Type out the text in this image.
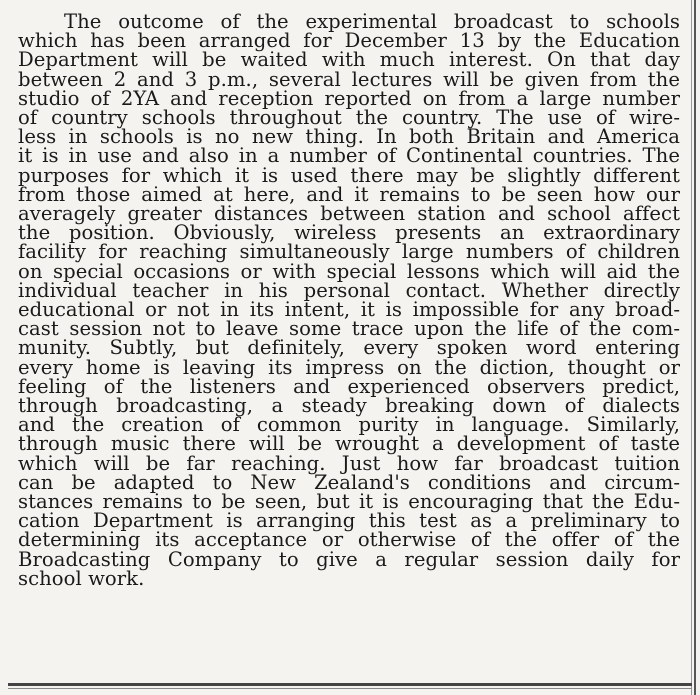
The outcome of the experimental broadcast to schools
which has been arranged for December 13 by the Education
Department will be waited with much interest. On that day
between 2 and 3 p.m., several lectures will be given from the
studio of 2YA and reception reported on from a large number
of country schools throughout the country. The use of wire-
less in schools is no new thing. In both Britain and America
it is in use and also in a number of Continental countries. The
purposes for which it is used there may be slightly different
from those aimed at here, and it remains to be seen how our
averagely greater distances between station and school affect
the position. Obviously, wireless presents an extraordinary
facility for reaching simultaneously large numbers of children
on special occasions or with special lessons which will aid the
individual teacher in his personal contact. Whether directly
educational or not in its intent, it is impossible for any broad-
cast session not to leave some trace upon the life of the com-
munity. Subtly, but definitely, every spoken word entering
every home is leaving its impress on the diction, thought or
feeling of the listeners and experienced observers predict,
through broadcasting, a steady breaking down of dialects
and the creation of common purity in language. Similarly,
through music there will be wrought a development of taste
which will be far reaching. Just how far broadcast tuition
can be adapted to New Zealand's conditions and circum-
stances remains to be seen, but it is encouraging that the Edu-
cation Department is arranging this test as a preliminary to
determining its acceptance or otherwise of the offer of the
Broadcasting Company to give a regular session daily for
school work.
